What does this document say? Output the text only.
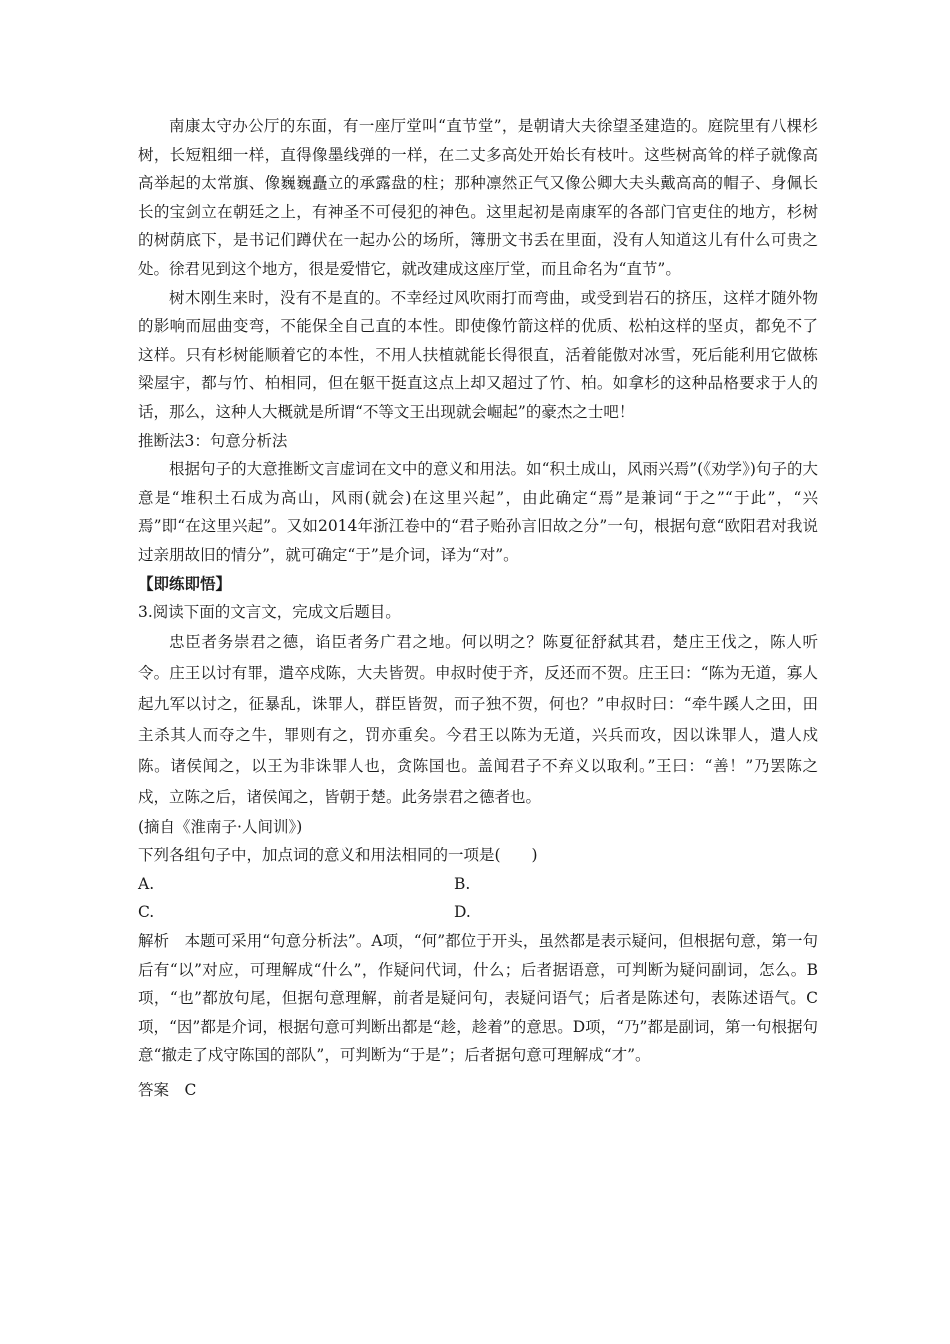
南康太守办公厅的东面，有一座厅堂叫“直节堂”，是朝请大夫徐望圣建造的。庭院里有八棵杉树，长短粗细一样，直得像墨线弹的一样，在二丈多高处开始长有枝叶。这些树高耸的样子就像高高举起的太常旗、像巍巍矗立的承露盘的柱；那种凛然正气又像公卿大夫头戴高高的帽子、身佩长长的宝剑立在朝廷之上，有神圣不可侵犯的神色。这里起初是南康军的各部门官吏住的地方，杉树的树荫底下，是书记们蹲伏在一起办公的场所，簿册文书丢在里面，没有人知道这儿有什么可贵之处。徐君见到这个地方，很是爱惜它，就改建成这座厅堂，而且命名为“直节”。

树木刚生来时，没有不是直的。不幸经过风吹雨打而弯曲，或受到岩石的挤压，这样才随外物的影响而屈曲变弯，不能保全自己直的本性。即使像竹箭这样的优质、松柏这样的坚贞，都免不了这样。只有杉树能顺着它的本性，不用人扶植就能长得很直，活着能傲对冰雪，死后能利用它做栋梁屋宇，都与竹、柏相同，但在躯干挺直这点上却又超过了竹、柏。如拿杉的这种品格要求于人的话，那么，这种人大概就是所谓“不等文王出现就会崛起”的豪杰之士吧！

推断法3：句意分析法

根据句子的大意推断文言虚词在文中的意义和用法。如“积土成山，风雨兴焉”(《劝学》)句子的大意是“堆积土石成为高山，风雨(就会)在这里兴起”，由此确定“焉”是兼词“于之”“于此”，“兴焉”即“在这里兴起”。又如2014年浙江卷中的“君子贻孙言旧故之分”一句，根据句意“欧阳君对我说过亲朋故旧的情分”，就可确定“于”是介词，译为“对”。

【即练即悟】

3.阅读下面的文言文，完成文后题目。

忠臣者务崇君之德，谄臣者务广君之地。何以明之？陈夏征舒弑其君，楚庄王伐之，陈人听令。庄王以讨有罪，遣卒戍陈，大夫皆贺。申叔时使于齐，反还而不贺。庄王曰：“陈为无道，寡人起九军以讨之，征暴乱，诛罪人，群臣皆贺，而子独不贺，何也？”申叔时曰：“牵牛蹊人之田，田主杀其人而夺之牛，罪则有之，罚亦重矣。今君王以陈为无道，兴兵而攻，因以诛罪人，遣人戍陈。诸侯闻之，以王为非诛罪人也，贪陈国也。盖闻君子不弃义以取利。”王曰：“善！”乃罢陈之戍，立陈之后，诸侯闻之，皆朝于楚。此务崇君之德者也。

(摘自《淮南子·人间训》)

下列各组句子中，加点词的意义和用法相同的一项是(　　)

A.	B.
C.	D.

解析　本题可采用“句意分析法”。A项，“何”都位于开头，虽然都是表示疑问，但根据句意，第一句后有“以”对应，可理解成“什么”，作疑问代词，什么；后者据语意，可判断为疑问副词，怎么。B项，“也”都放句尾，但据句意理解，前者是疑问句，表疑问语气；后者是陈述句，表陈述语气。C项，“因”都是介词，根据句意可判断出都是“趁，趁着”的意思。D项，“乃”都是副词，第一句根据句意“撤走了戍守陈国的部队”，可判断为“于是”；后者据句意可理解成“才”。

答案　C
